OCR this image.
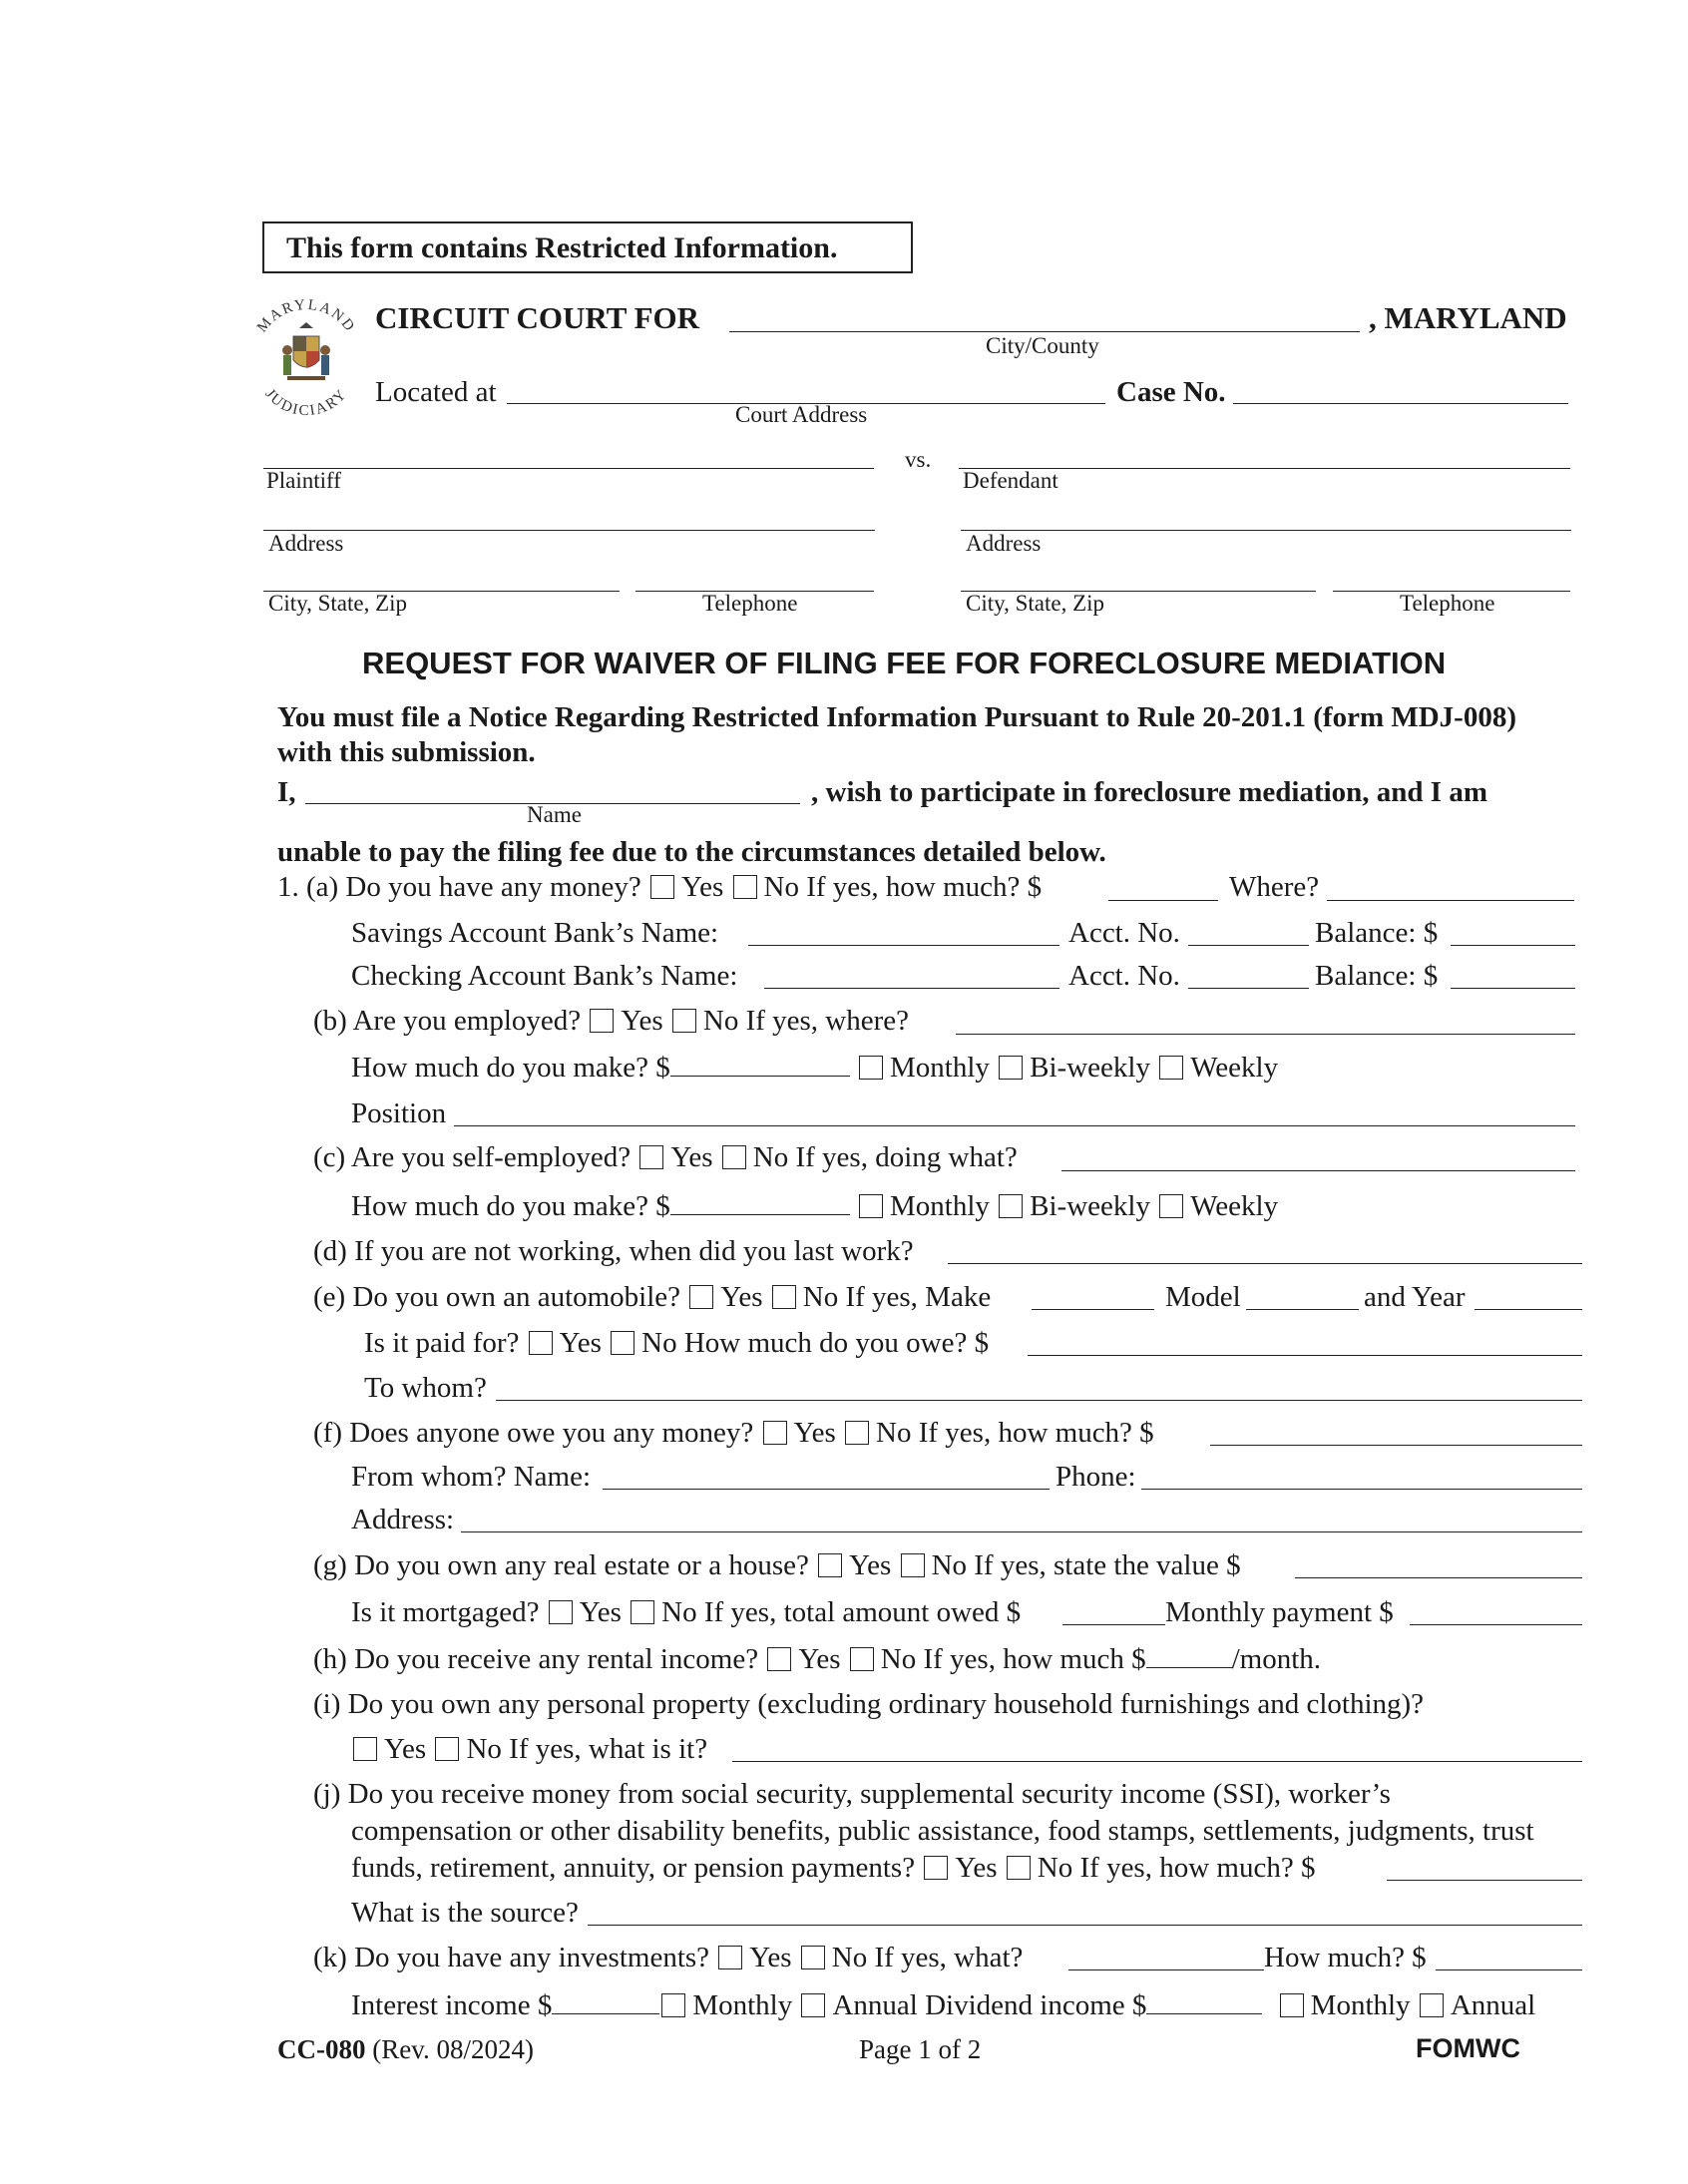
This form contains Restricted Information.
MARYLAND
JUDICIARY
CIRCUIT COURT FOR
City/County
, MARYLAND
Located at
Court Address
Case No.
Plaintiff
vs.
Defendant
Address	Address
City, State, Zip	Telephone	City, State, Zip	Telephone
REQUEST FOR WAIVER OF FILING FEE FOR FORECLOSURE MEDIATION
You must file a Notice Regarding Restricted Information Pursuant to Rule 20-201.1 (form MDJ-008)
with this submission.
I,
Name
, wish to participate in foreclosure mediation, and I am
unable to pay the filing fee due to the circumstances detailed below.
1. (a) Do you have any money? Yes No If yes, how much? $	Where?
Savings Account Bank’s Name:	Acct. No.	Balance: $
Checking Account Bank’s Name:	Acct. No.	Balance: $
(b) Are you employed? Yes No If yes, where?
How much do you make? $	Monthly Bi-weekly Weekly
Position
(c) Are you self-employed? Yes No If yes, doing what?
How much do you make? $	Monthly Bi-weekly Weekly
(d) If you are not working, when did you last work?
(e) Do you own an automobile? Yes No If yes, Make	Model	and Year
Is it paid for? Yes No How much do you owe? $
To whom?
(f) Does anyone owe you any money? Yes No If yes, how much? $
From whom? Name:	Phone:
Address:
(g) Do you own any real estate or a house? Yes No If yes, state the value $
Is it mortgaged? Yes No If yes, total amount owed $	Monthly payment $
(h) Do you receive any rental income? Yes No If yes, how much $	/month.
(i) Do you own any personal property (excluding ordinary household furnishings and clothing)?
Yes No If yes, what is it?
(j) Do you receive money from social security, supplemental security income (SSI), worker’s
compensation or other disability benefits, public assistance, food stamps, settlements, judgments, trust
funds, retirement, annuity, or pension payments? Yes No If yes, how much? $
What is the source?
(k) Do you have any investments? Yes No If yes, what?	How much? $
Interest income $	Monthly Annual Dividend income $	Monthly Annual
CC-080 (Rev. 08/2024)	Page 1 of 2	FOMWC
